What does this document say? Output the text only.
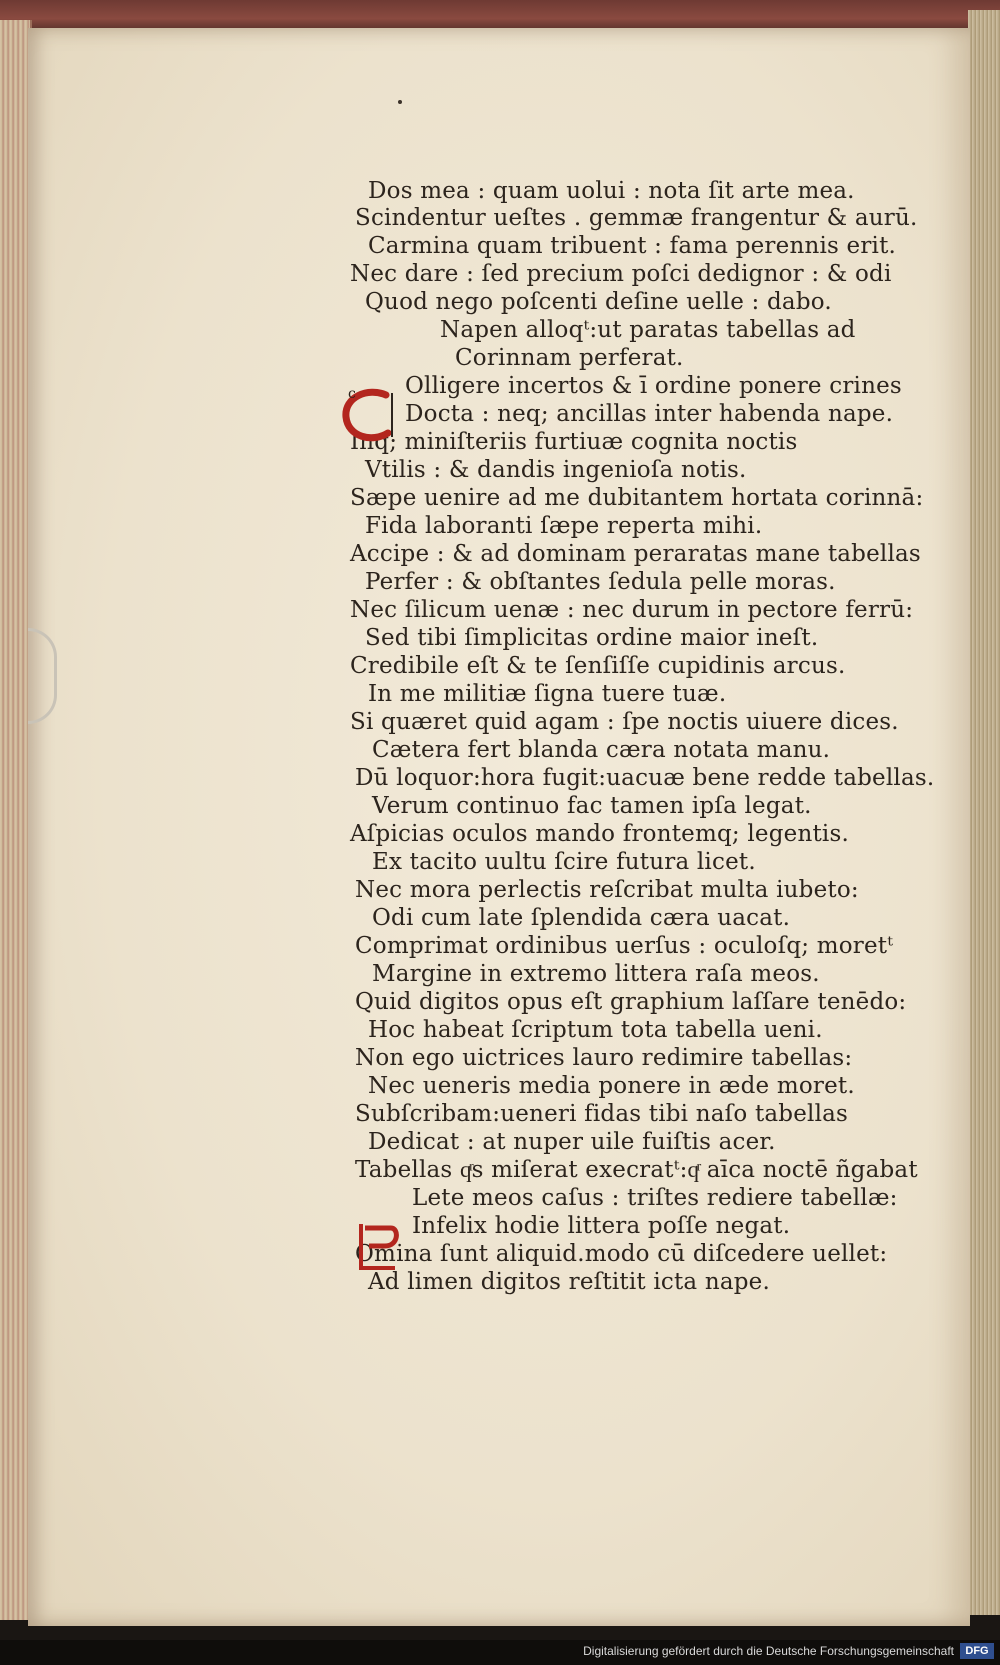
Dos mea : quam uolui : nota ſit arte mea.
Scindentur ueſtes . gemmæ frangentur & aurū.
Carmina quam tribuent : fama perennis erit.
Nec dare : ſed precium poſci dedignor : & odi
Quod nego poſcenti deſine uelle : dabo.
Napen alloqᵗ:ut paratas tabellas ad
Corinnam perferat.
Olligere incertos & ī ordine ponere crines
Docta : neq; ancillas inter habenda nape.
Inq; miniſteriis furtiuæ cognita noctis
Vtilis : & dandis ingenioſa notis.
Sæpe uenire ad me dubitantem hortata corinnā:
Fida laboranti ſæpe reperta mihi.
Accipe : & ad dominam peraratas mane tabellas
Perfer : & obſtantes ſedula pelle moras.
Nec ſilicum uenæ : nec durum in pectore ferrū:
Sed tibi ſimplicitas ordine maior ineſt.
Credibile eſt & te ſenſiſſe cupidinis arcus.
In me militiæ ſigna tuere tuæ.
Si quæret quid agam : ſpe noctis uiuere dices.
Cætera fert blanda cæra notata manu.
Dū loquor:hora fugit:uacuæ bene redde tabellas.
Verum continuo fac tamen ipſa legat.
Aſpicias oculos mando frontemq; legentis.
Ex tacito uultu ſcire futura licet.
Nec mora perlectis reſcribat multa iubeto:
Odi cum late ſplendida cæra uacat.
Comprimat ordinibus uerſus : oculoſq; moretᵗ
Margine in extremo littera raſa meos.
Quid digitos opus eſt graphium laſſare tenēdo:
Hoc habeat ſcriptum tota tabella ueni.
Non ego uictrices lauro redimire tabellas:
Nec ueneris media ponere in æde moret.
Subſcribam:ueneri fidas tibi naſo tabellas
Dedicat : at nuper uile fuiſtis acer.
Tabellas qͬs miſerat execratᵗ:qͬ aīca noctē ñgabat
Lete meos caſus : triſtes rediere tabellæ:
Infelix hodie littera poſſe negat.
Omina ſunt aliquid.modo cū diſcedere uellet:
Ad limen digitos reſtitit icta nape.
c
Digitalisierung gefördert durch die Deutsche Forschungsgemeinschaft	DFG
